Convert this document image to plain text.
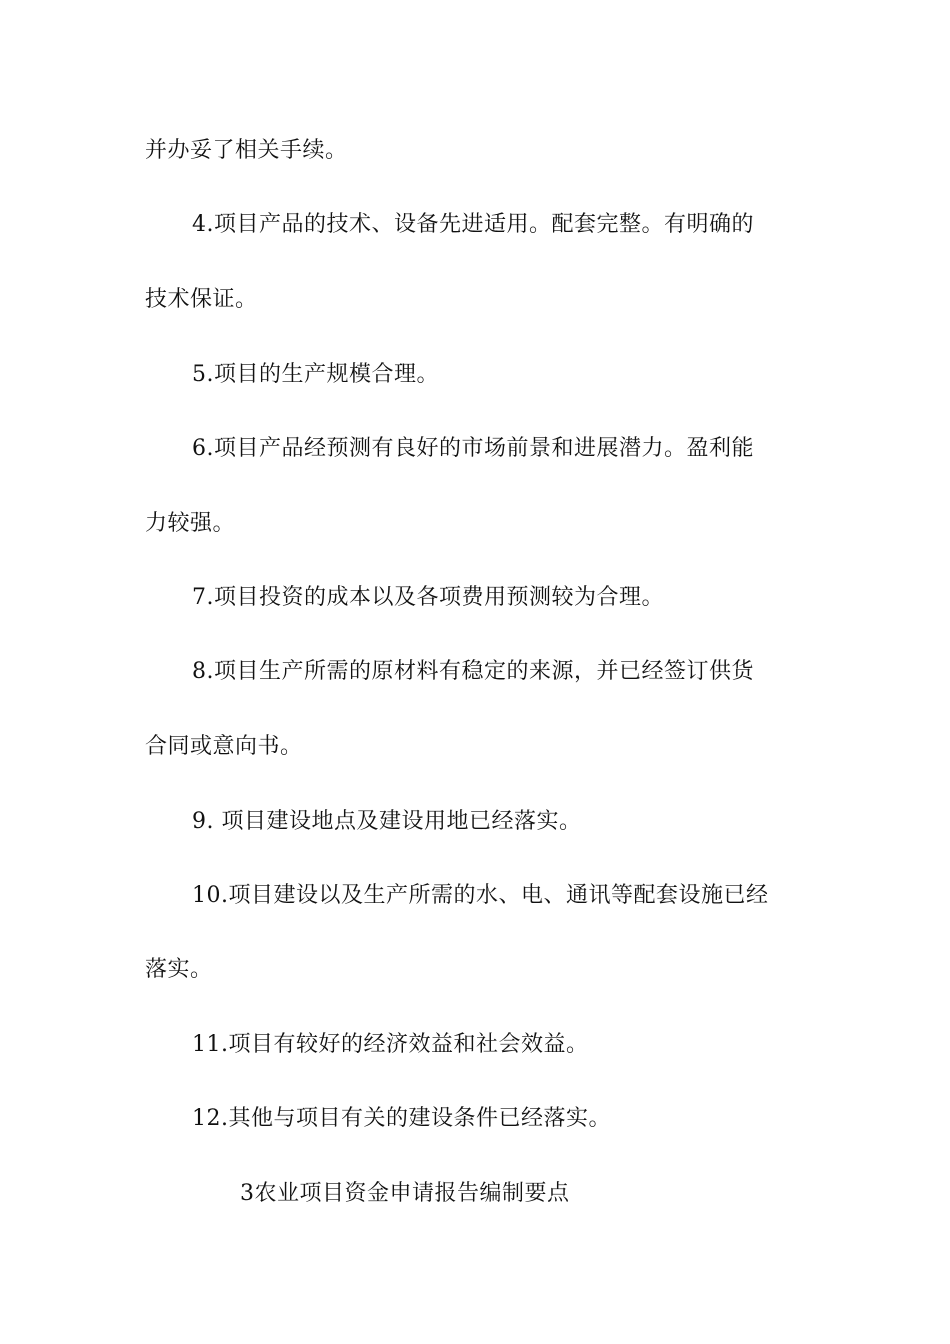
并办妥了相关手续。
4.项目产品的技术、设备先进适用。配套完整。有明确的
技术保证。
5.项目的生产规模合理。
6.项目产品经预测有良好的市场前景和进展潜力。盈利能
力较强。
7.项目投资的成本以及各项费用预测较为合理。
8.项目生产所需的原材料有稳定的来源，并已经签订供货
合同或意向书。
9. 项目建设地点及建设用地已经落实。
10.项目建设以及生产所需的水、电、通讯等配套设施已经
落实。
11.项目有较好的经济效益和社会效益。
12.其他与项目有关的建设条件已经落实。
3农业项目资金申请报告编制要点
